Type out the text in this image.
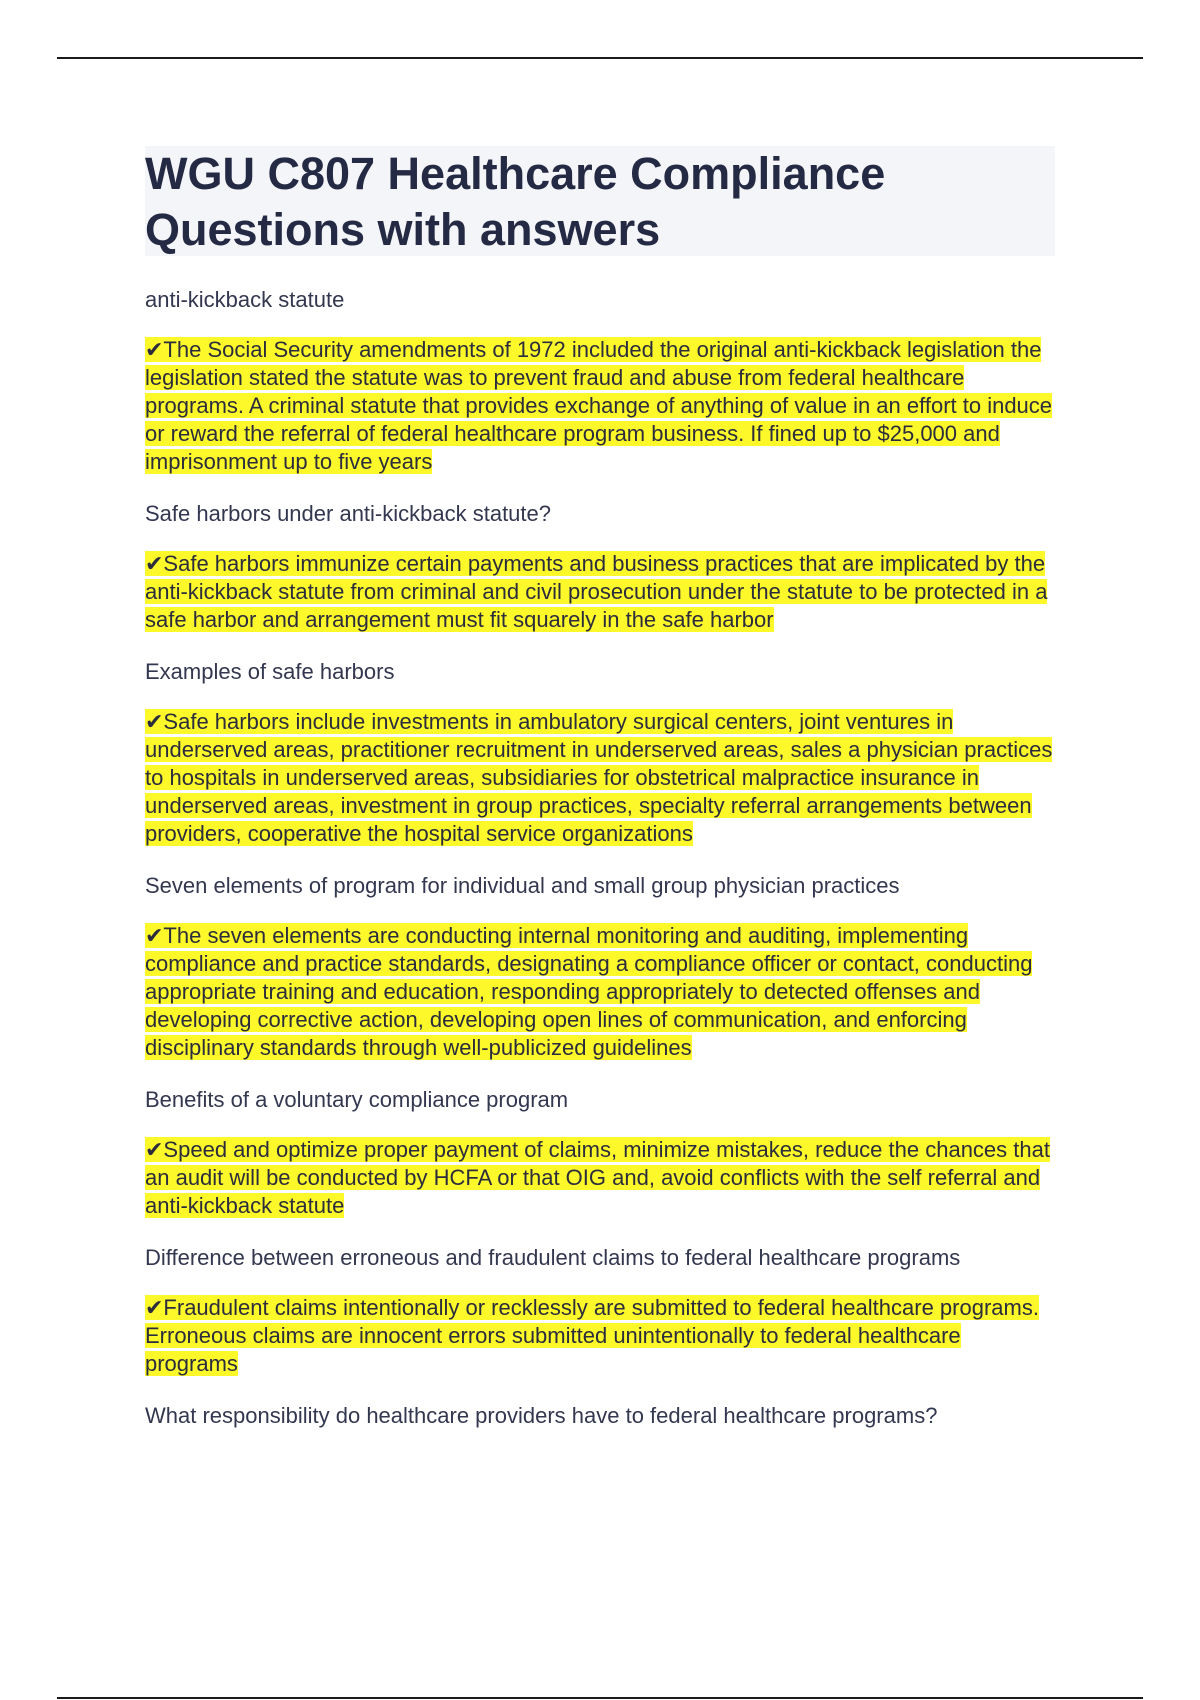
WGU C807 Healthcare Compliance Questions with answers

anti-kickback statute

✔The Social Security amendments of 1972 included the original anti-kickback legislation the legislation stated the statute was to prevent fraud and abuse from federal healthcare programs. A criminal statute that provides exchange of anything of value in an effort to induce or reward the referral of federal healthcare program business. If fined up to $25,000 and imprisonment up to five years

Safe harbors under anti-kickback statute?

✔Safe harbors immunize certain payments and business practices that are implicated by the anti-kickback statute from criminal and civil prosecution under the statute to be protected in a safe harbor and arrangement must fit squarely in the safe harbor

Examples of safe harbors

✔Safe harbors include investments in ambulatory surgical centers, joint ventures in underserved areas, practitioner recruitment in underserved areas, sales a physician practices to hospitals in underserved areas, subsidiaries for obstetrical malpractice insurance in underserved areas, investment in group practices, specialty referral arrangements between providers, cooperative the hospital service organizations

Seven elements of program for individual and small group physician practices

✔The seven elements are conducting internal monitoring and auditing, implementing compliance and practice standards, designating a compliance officer or contact, conducting appropriate training and education, responding appropriately to detected offenses and developing corrective action, developing open lines of communication, and enforcing disciplinary standards through well-publicized guidelines

Benefits of a voluntary compliance program

✔Speed and optimize proper payment of claims, minimize mistakes, reduce the chances that an audit will be conducted by HCFA or that OIG and, avoid conflicts with the self referral and anti-kickback statute

Difference between erroneous and fraudulent claims to federal healthcare programs

✔Fraudulent claims intentionally or recklessly are submitted to federal healthcare programs. Erroneous claims are innocent errors submitted unintentionally to federal healthcare programs

What responsibility do healthcare providers have to federal healthcare programs?
